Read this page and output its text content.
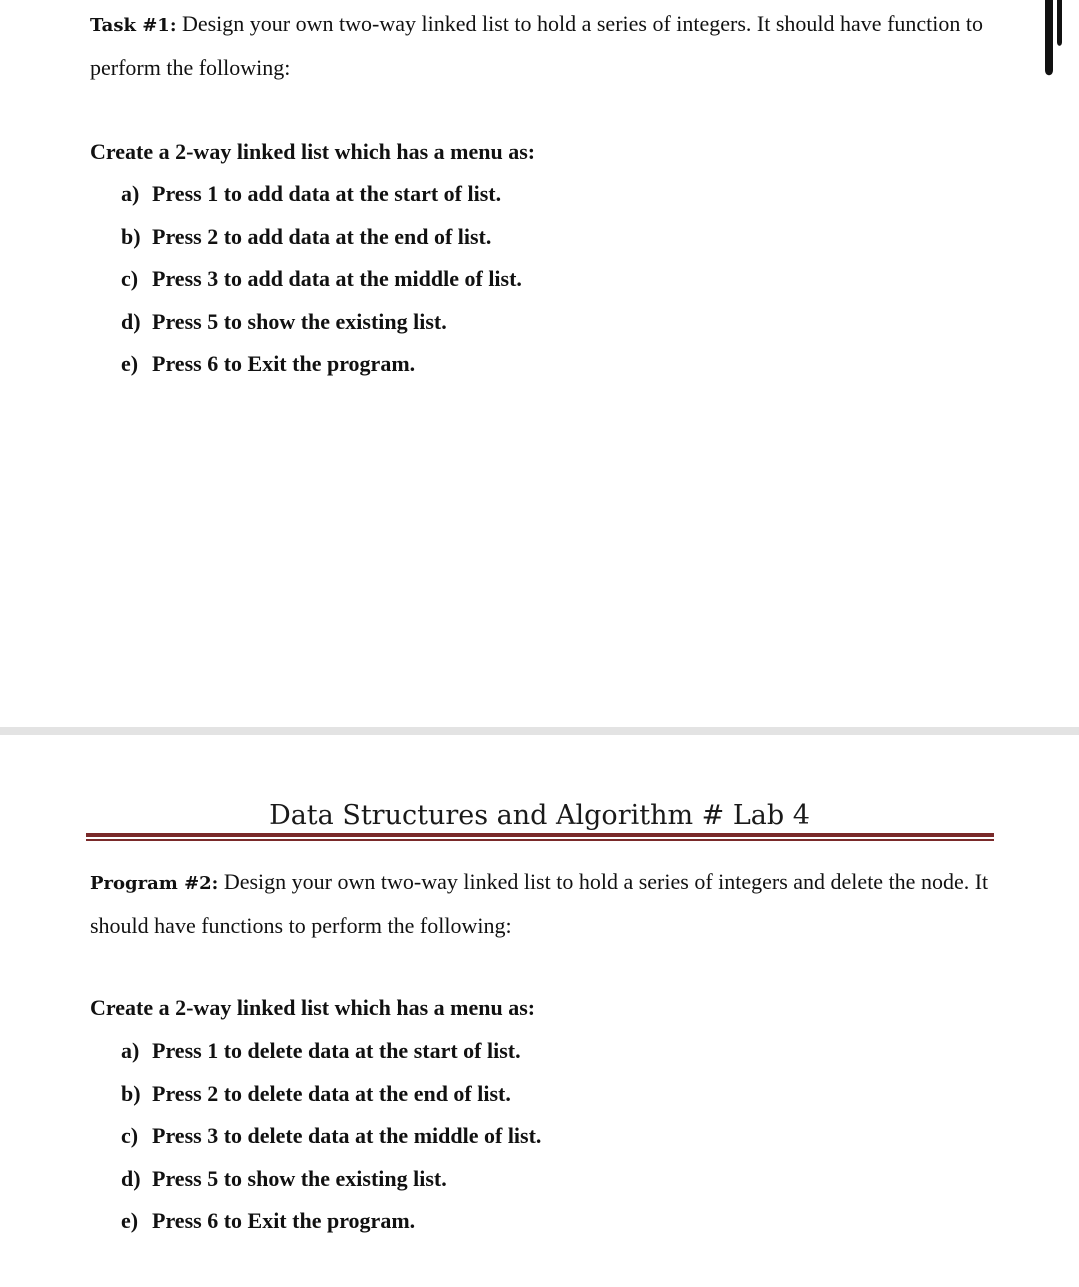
Task #1: Design your own two-way linked list to hold a series of integers. It should have function to perform the following:

Create a 2-way linked list which has a menu as:

a) Press 1 to add data at the start of list.
b) Press 2 to add data at the end of list.
c) Press 3 to add data at the middle of list.
d) Press 5 to show the existing list.
e) Press 6 to Exit the program.

Data Structures and Algorithm # Lab 4

Program #2: Design your own two-way linked list to hold a series of integers and delete the node. It should have functions to perform the following:

Create a 2-way linked list which has a menu as:

a) Press 1 to delete data at the start of list.
b) Press 2 to delete data at the end of list.
c) Press 3 to delete data at the middle of list.
d) Press 5 to show the existing list.
e) Press 6 to Exit the program.
